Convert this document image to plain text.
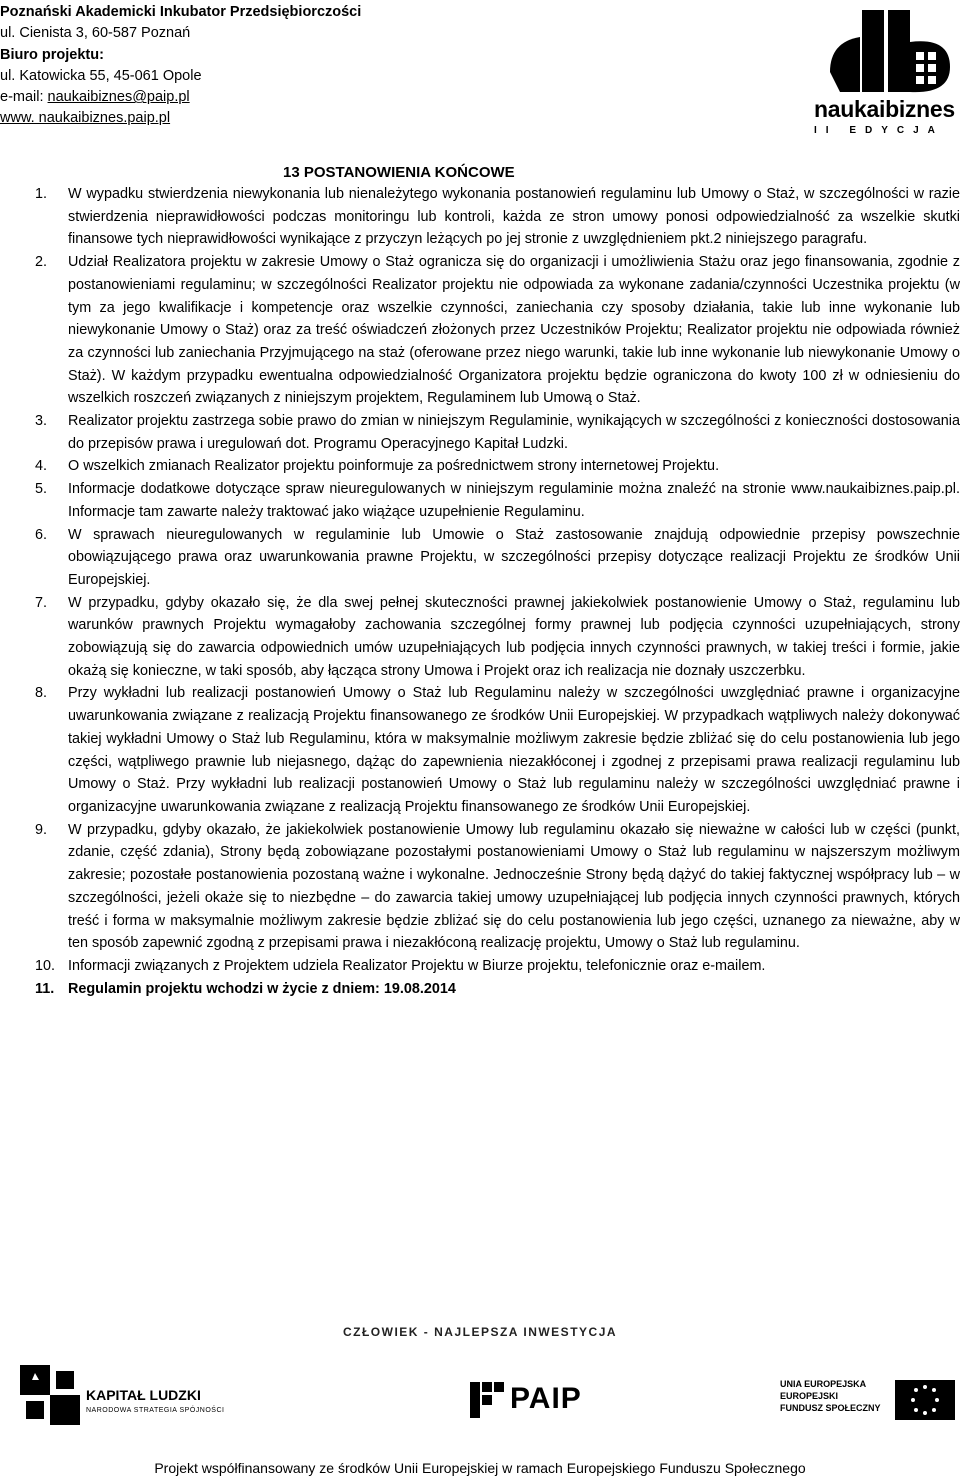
Poznański Akademicki Inkubator Przedsiębiorczości
ul. Cienista 3, 60-587 Poznań
Biuro projektu:
ul. Katowicka 55, 45-061 Opole
e-mail: naukaibiznes@paip.pl
www. naukaibiznes.paip.pl	naukaibiznes
II EDYCJA
13 POSTANOWIENIA KOŃCOWE
1. W wypadku stwierdzenia niewykonania lub nienależytego wykonania postanowień regulaminu lub Umowy o Staż, w szczególności w razie stwierdzenia nieprawidłowości podczas monitoringu lub kontroli, każda ze stron umowy ponosi odpowiedzialność za wszelkie skutki finansowe tych nieprawidłowości wynikające z przyczyn leżących po jej stronie z uwzględnieniem pkt.2 niniejszego paragrafu.
2. Udział Realizatora projektu w zakresie Umowy o Staż ogranicza się do organizacji i umożliwienia Stażu oraz jego finansowania, zgodnie z postanowieniami regulaminu; w szczególności Realizator projektu nie odpowiada za wykonane zadania/czynności Uczestnika projektu (w tym za jego kwalifikacje i kompetencje oraz wszelkie czynności, zaniechania czy sposoby działania, takie lub inne wykonanie lub niewykonanie Umowy o Staż) oraz za treść oświadczeń złożonych przez Uczestników Projektu; Realizator projektu nie odpowiada również za czynności lub zaniechania Przyjmującego na staż (oferowane przez niego warunki, takie lub inne wykonanie lub niewykonanie Umowy o Staż). W każdym przypadku ewentualna odpowiedzialność Organizatora projektu będzie ograniczona do kwoty 100 zł w odniesieniu do wszelkich roszczeń związanych z niniejszym projektem, Regulaminem lub Umową o Staż.
3. Realizator projektu zastrzega sobie prawo do zmian w niniejszym Regulaminie, wynikających w szczególności z konieczności dostosowania do przepisów prawa i uregulowań dot. Programu Operacyjnego Kapitał Ludzki.
4. O wszelkich zmianach Realizator projektu poinformuje za pośrednictwem strony internetowej Projektu.
5. Informacje dodatkowe dotyczące spraw nieuregulowanych w niniejszym regulaminie można znaleźć na stronie www.naukaibiznes.paip.pl. Informacje tam zawarte należy traktować jako wiążące uzupełnienie Regulaminu.
6. W sprawach nieuregulowanych w regulaminie lub Umowie o Staż zastosowanie znajdują odpowiednie przepisy powszechnie obowiązującego prawa oraz uwarunkowania prawne Projektu, w szczególności przepisy dotyczące realizacji Projektu ze środków Unii Europejskiej.
7. W przypadku, gdyby okazało się, że dla swej pełnej skuteczności prawnej jakiekolwiek postanowienie Umowy o Staż, regulaminu lub warunków prawnych Projektu wymagałoby zachowania szczególnej formy prawnej lub podjęcia czynności uzupełniających, strony zobowiązują się do zawarcia odpowiednich umów uzupełniających lub podjęcia innych czynności prawnych, w takiej treści i formie, jakie okażą się konieczne, w taki sposób, aby łącząca strony Umowa i Projekt oraz ich realizacja nie doznały uszczerbku.
8. Przy wykładni lub realizacji postanowień Umowy o Staż lub Regulaminu należy w szczególności uwzględniać prawne i organizacyjne uwarunkowania związane z realizacją Projektu finansowanego ze środków Unii Europejskiej. W przypadkach wątpliwych należy dokonywać takiej wykładni Umowy o Staż lub Regulaminu, która w maksymalnie możliwym zakresie będzie zbliżać się do celu postanowienia lub jego części, wątpliwego prawnie lub niejasnego, dążąc do zapewnienia niezakłóconej i zgodnej z przepisami prawa realizacji regulaminu lub Umowy o Staż. Przy wykładni lub realizacji postanowień Umowy o Staż lub regulaminu należy w szczególności uwzględniać prawne i organizacyjne uwarunkowania związane z realizacją Projektu finansowanego ze środków Unii Europejskiej.
9. W przypadku, gdyby okazało, że jakiekolwiek postanowienie Umowy lub regulaminu okazało się nieważne w całości lub w części (punkt, zdanie, część zdania), Strony będą zobowiązane pozostałymi postanowieniami Umowy o Staż lub regulaminu w najszerszym możliwym zakresie; pozostałe postanowienia pozostaną ważne i wykonalne. Jednocześnie Strony będą dążyć do takiej faktycznej współpracy lub – w szczególności, jeżeli okaże się to niezbędne – do zawarcia takiej umowy uzupełniającej lub podjęcia innych czynności prawnych, których treść i forma w maksymalnie możliwym zakresie będzie zbliżać się do celu postanowienia lub jego części, uznanego za nieważne, aby w ten sposób zapewnić zgodną z przepisami prawa i niezakłóconą realizację projektu, Umowy o Staż lub regulaminu.
10. Informacji związanych z Projektem udziela Realizator Projektu w Biurze projektu, telefonicznie oraz e-mailem.
11. Regulamin projektu wchodzi w życie z dniem: 19.08.2014
CZŁOWIEK - NAJLEPSZA INWESTYCJA
KAPITAŁ LUDZKI
NARODOWA STRATEGIA SPÓJNOŚCI	PAIP	UNIA EUROPEJSKA
EUROPEJSKI
FUNDUSZ SPOŁECZNY
Projekt współfinansowany ze środków Unii Europejskiej w ramach Europejskiego Funduszu Społecznego
